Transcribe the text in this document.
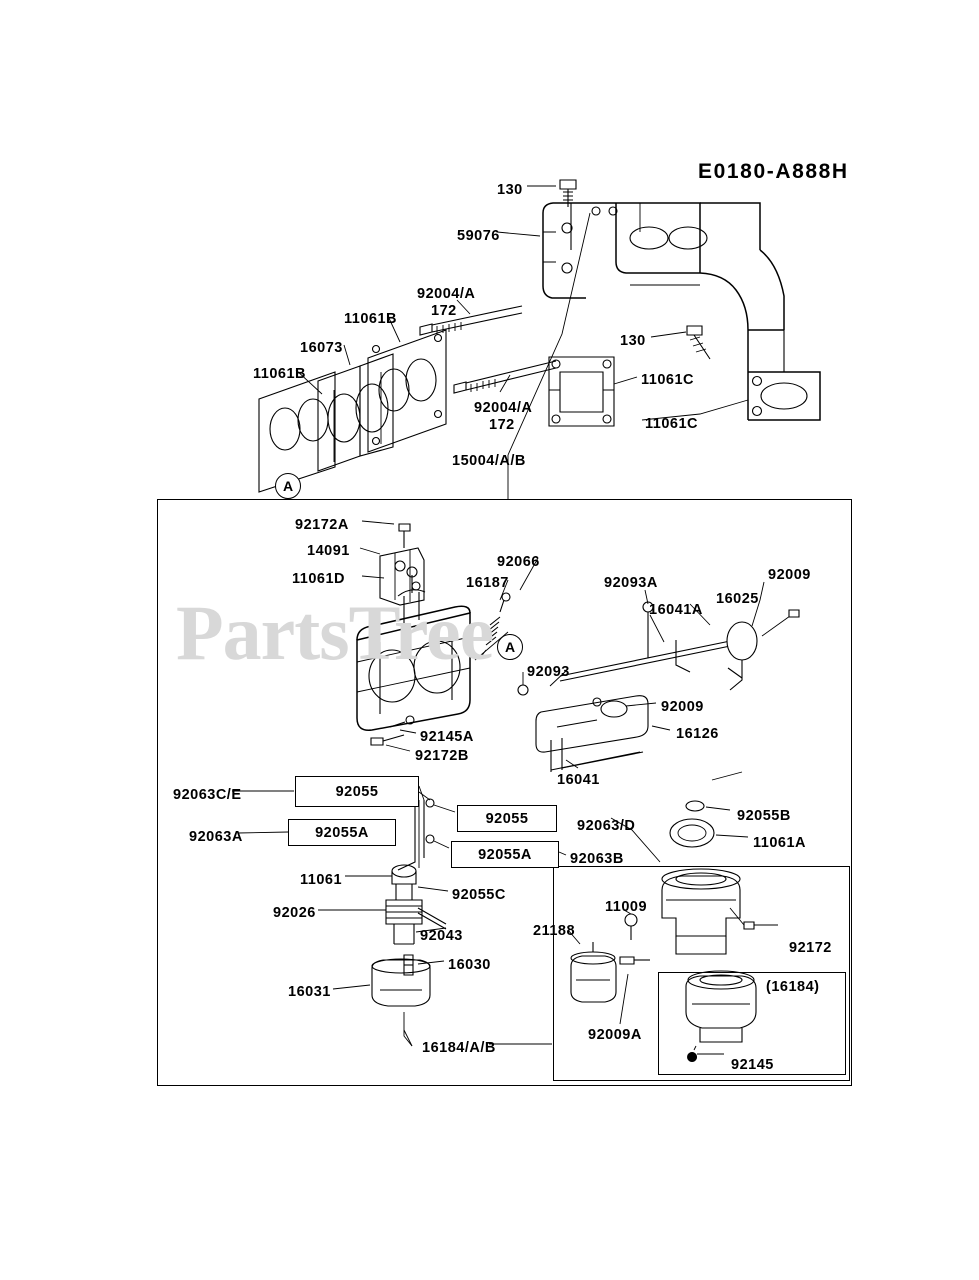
E0180-A888H
PartsTree
A
A
130
59076
92004/A
172
11061B
16073	130
11061B	11061C
92004/A
172	11061C
15004/A/B
92172A
14091
92066
11061D	16187	92093A	92009
16025
16041A
92093
92009
16126
92145A
92172B
16041
92063C/E
92063/D
92055B
92063A	11061A
92063B
11061
92055C
11009
92026
21188
92172
92043
16030
(16184)
16031
92009A
16184/A/B
92145
92055
92055A
92055
92055A
